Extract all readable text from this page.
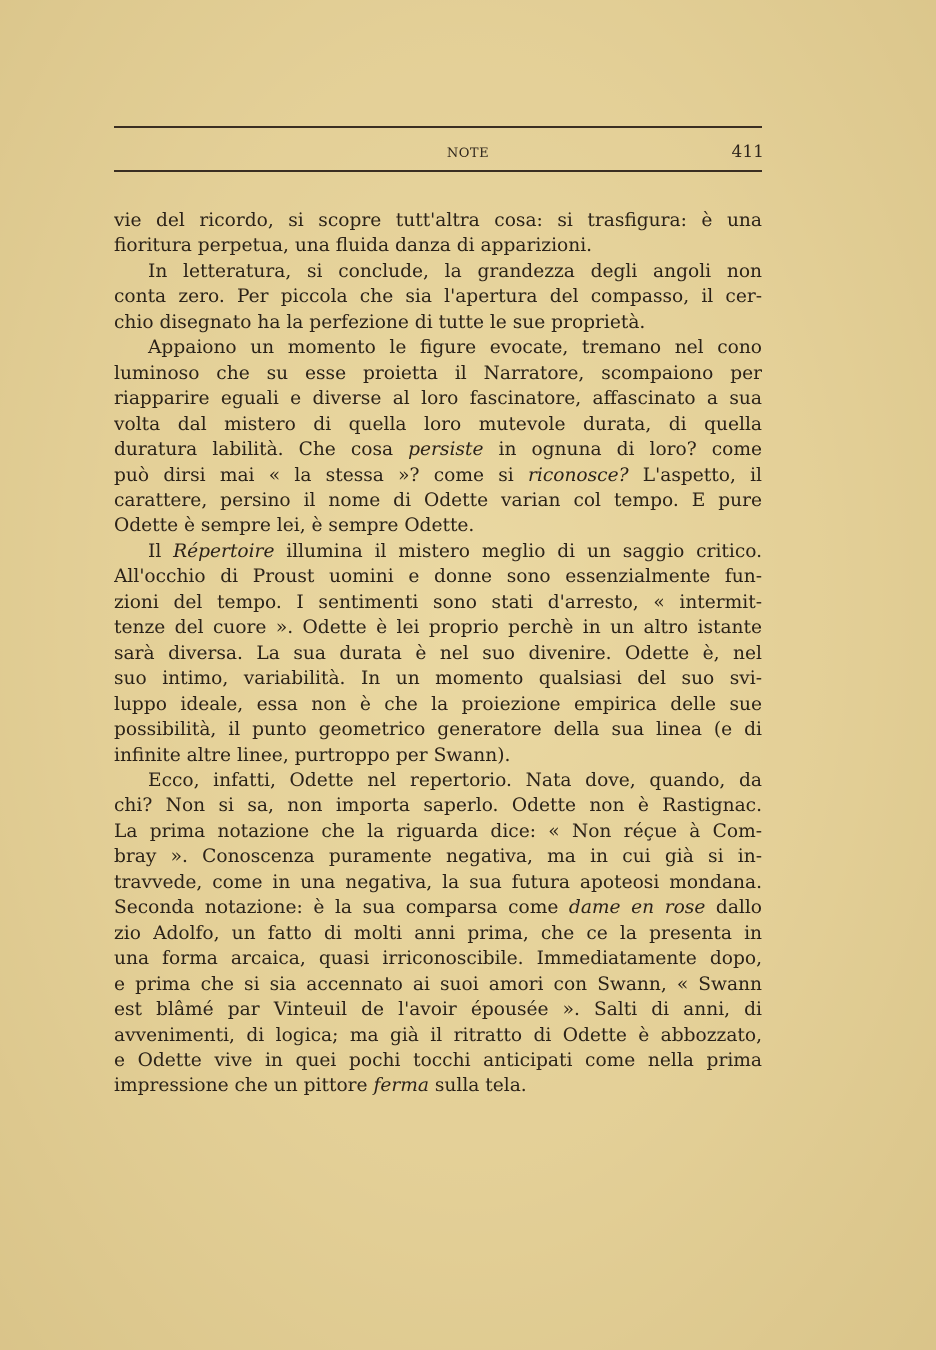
NOTE	411
vie del ricordo, si scopre tutt'altra cosa: si trasfigura: è una
fioritura perpetua, una fluida danza di apparizioni.
In letteratura, si conclude, la grandezza degli angoli non
conta zero. Per piccola che sia l'apertura del compasso, il cer-
chio disegnato ha la perfezione di tutte le sue proprietà.
Appaiono un momento le figure evocate, tremano nel cono
luminoso che su esse proietta il Narratore, scompaiono per
riapparire eguali e diverse al loro fascinatore, affascinato a sua
volta dal mistero di quella loro mutevole durata, di quella
duratura labilità. Che cosa persiste in ognuna di loro? come
può dirsi mai « la stessa »? come si riconosce? L'aspetto, il
carattere, persino il nome di Odette varian col tempo. E pure
Odette è sempre lei, è sempre Odette.
Il Répertoire illumina il mistero meglio di un saggio critico.
All'occhio di Proust uomini e donne sono essenzialmente fun-
zioni del tempo. I sentimenti sono stati d'arresto, « intermit-
tenze del cuore ». Odette è lei proprio perchè in un altro istante
sarà diversa. La sua durata è nel suo divenire. Odette è, nel
suo intimo, variabilità. In un momento qualsiasi del suo svi-
luppo ideale, essa non è che la proiezione empirica delle sue
possibilità, il punto geometrico generatore della sua linea (e di
infinite altre linee, purtroppo per Swann).
Ecco, infatti, Odette nel repertorio. Nata dove, quando, da
chi? Non si sa, non importa saperlo. Odette non è Rastignac.
La prima notazione che la riguarda dice: « Non réçue à Com-
bray ». Conoscenza puramente negativa, ma in cui già si in-
travvede, come in una negativa, la sua futura apoteosi mondana.
Seconda notazione: è la sua comparsa come dame en rose dallo
zio Adolfo, un fatto di molti anni prima, che ce la presenta in
una forma arcaica, quasi irriconoscibile. Immediatamente dopo,
e prima che si sia accennato ai suoi amori con Swann, « Swann
est blâmé par Vinteuil de l'avoir épousée ». Salti di anni, di
avvenimenti, di logica; ma già il ritratto di Odette è abbozzato,
e Odette vive in quei pochi tocchi anticipati come nella prima
impressione che un pittore ferma sulla tela.
